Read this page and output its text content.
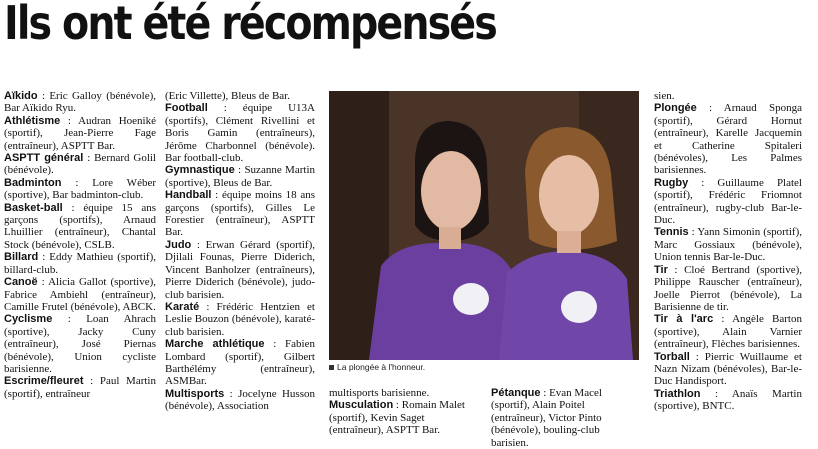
Ils ont été récompensés

Aïkido : Eric Galloy (bénévole), Bar Aïkido Ryu.

Athlétisme : Audran Hoeniké (sportif), Jean-Pierre Fage (entraîneur), ASPTT Bar.

ASPTT général : Bernard Golil (bénévole).

Badminton : Lore Wéber (sportive), Bar badminton-club.

Basket-ball : équipe 15 ans garçons (sportifs), Arnaud Lhuillier (entraîneur), Chantal Stock (bénévole), CSLB.

Billard : Eddy Mathieu (sportif), billard-club.

Canoë : Alicia Gallot (sportive), Fabrice Ambiehl (entraîneur), Camille Frutel (bénévole), ABCK.

Cyclisme : Loan Ahrach (sportive), Jacky Cuny (entraîneur), José Piernas (bénévole), Union cycliste barisienne.

Escrime/fleuret : Paul Martin (sportif), entraîneur

(Eric Villette), Bleus de Bar.

Football : équipe U13A (sportifs), Clément Rivellini et Boris Gamin (entraîneurs), Jérôme Charbonnel (bénévole). Bar football-club.

Gymnastique : Suzanne Martin (sportive), Bleus de Bar.

Handball : équipe moins 18 ans garçons (sportifs), Gilles Le Forestier (entraîneur), ASPTT Bar.

Judo : Erwan Gérard (sportif), Djilali Founas, Pierre Diderich, Vincent Banholzer (entraîneurs), Pierre Diderich (bénévole), judo-club barisien.

Karaté : Frédéric Hentzien et Leslie Bouzon (bénévole), karaté-club barisien.

Marche athlétique : Fabien Lombard (sportif), Gilbert Barthélémy (entraîneur), ASMBar.

Multisports : Jocelyne Husson (bénévole), Association

La plongée à l'honneur.

multisports barisienne.

Musculation : Romain Malet (sportif), Kevin Saget (entraîneur), ASPTT Bar.

Pétanque : Evan Macel (sportif), Alain Poitel (entraîneur), Victor Pinto (bénévole), bouling-club barisien.

sien.

Plongée : Arnaud Sponga (sportif), Gérard Hornut (entraîneur), Karelle Jacquemin et Catherine Spitaleri (bénévoles), Les Palmes barisiennes.

Rugby : Guillaume Platel (sportif), Frédéric Friomnot (entraîneur), rugby-club Bar-le-Duc.

Tennis : Yann Simonin (sportif), Marc Gossiaux (bénévole), Union tennis Bar-le-Duc.

Tir : Cloé Bertrand (sportive), Philippe Rauscher (entraîneur), Joelle Pierrot (bénévole), La Barisienne de tir.

Tir à l'arc : Angèle Barton (sportive), Alain Varnier (entraîneur), Flèches barisiennes.

Torball : Pierric Wuillaume et Nazn Nizam (bénévoles), Bar-le-Duc Handisport.

Triathlon : Anaïs Martin (sportive), BNTC.
